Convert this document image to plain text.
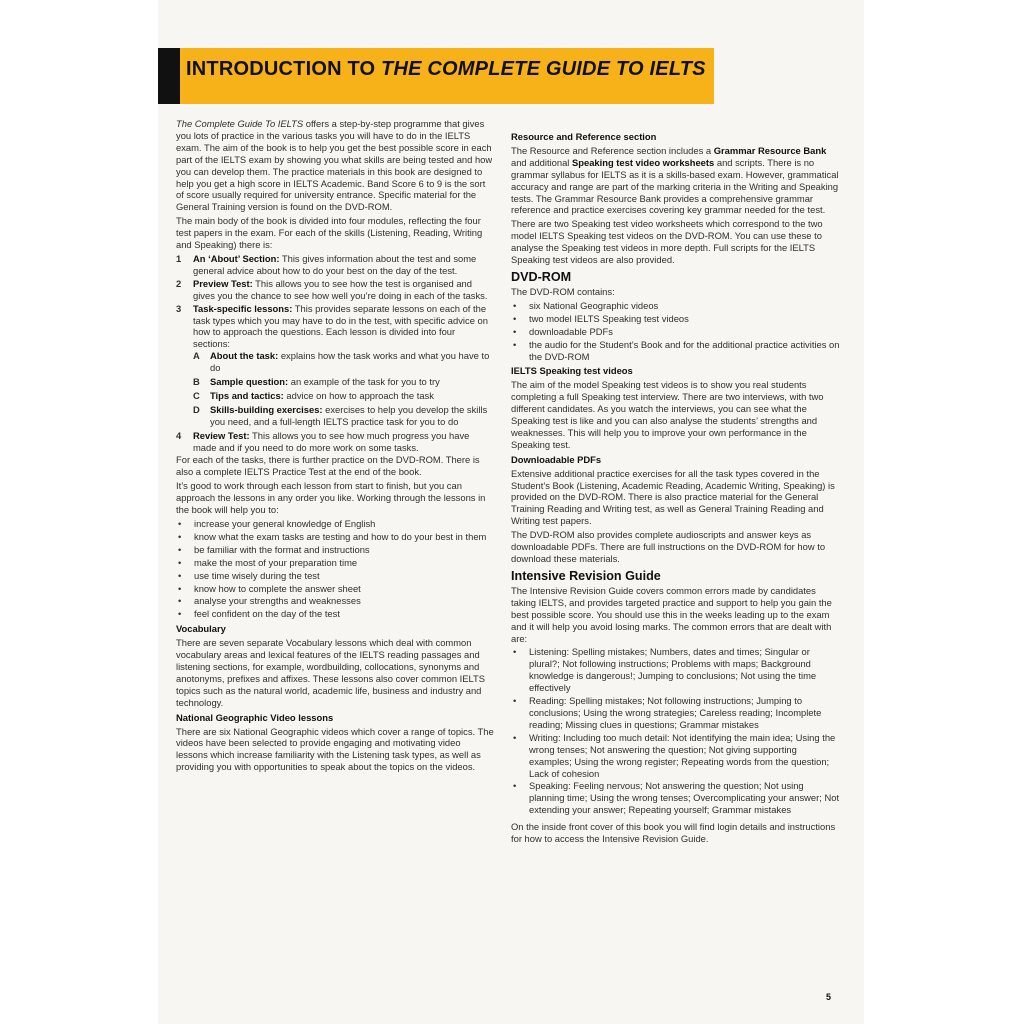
INTRODUCTION TO THE COMPLETE GUIDE TO IELTS

The Complete Guide To IELTS offers a step-by-step programme that gives you lots of practice in the various tasks you will have to do in the IELTS exam. The aim of the book is to help you get the best possible score in each part of the IELTS exam by showing you what skills are being tested and how you can develop them. The practice materials in this book are designed to help you get a high score in IELTS Academic. Band Score 6 to 9 is the sort of score usually required for university entrance. Specific material for the General Training version is found on the DVD-ROM.

The main body of the book is divided into four modules, reflecting the four test papers in the exam. For each of the skills (Listening, Reading, Writing and Speaking) there is:

1 An ‘About’ Section: This gives information about the test and some general advice about how to do your best on the day of the test.
2 Preview Test: This allows you to see how the test is organised and gives you the chance to see how well you’re doing in each of the tasks.
3 Task-specific lessons: This provides separate lessons on each of the task types which you may have to do in the test, with specific advice on how to approach the questions. Each lesson is divided into four sections:
A About the task: explains how the task works and what you have to do
B Sample question: an example of the task for you to try
C Tips and tactics: advice on how to approach the task
D Skills-building exercises: exercises to help you develop the skills you need, and a full-length IELTS practice task for you to do
4 Review Test: This allows you to see how much progress you have made and if you need to do more work on some tasks.

For each of the tasks, there is further practice on the DVD-ROM. There is also a complete IELTS Practice Test at the end of the book.

It’s good to work through each lesson from start to finish, but you can approach the lessons in any order you like. Working through the lessons in the book will help you to:

• increase your general knowledge of English
• know what the exam tasks are testing and how to do your best in them
• be familiar with the format and instructions
• make the most of your preparation time
• use time wisely during the test
• know how to complete the answer sheet
• analyse your strengths and weaknesses
• feel confident on the day of the test

Vocabulary

There are seven separate Vocabulary lessons which deal with common vocabulary areas and lexical features of the IELTS reading passages and listening sections, for example, wordbuilding, collocations, synonyms and anotonyms, prefixes and affixes. These lessons also cover common IELTS topics such as the natural world, academic life, business and industry and technology.

National Geographic Video lessons

There are six National Geographic videos which cover a range of topics. The videos have been selected to provide engaging and motivating video lessons which increase familiarity with the Listening task types, as well as providing you with opportunities to speak about the topics on the videos.

Resource and Reference section

The Resource and Reference section includes a Grammar Resource Bank and additional Speaking test video worksheets and scripts. There is no grammar syllabus for IELTS as it is a skills-based exam. However, grammatical accuracy and range are part of the marking criteria in the Writing and Speaking tests. The Grammar Resource Bank provides a comprehensive grammar reference and practice exercises covering key grammar needed for the test.

There are two Speaking test video worksheets which correspond to the two model IELTS Speaking test videos on the DVD-ROM. You can use these to analyse the Speaking test videos in more depth. Full scripts for the IELTS Speaking test videos are also provided.

DVD-ROM

The DVD-ROM contains:

• six National Geographic videos
• two model IELTS Speaking test videos
• downloadable PDFs
• the audio for the Student’s Book and for the additional practice activities on the DVD-ROM

IELTS Speaking test videos

The aim of the model Speaking test videos is to show you real students completing a full Speaking test interview. There are two interviews, with two different candidates. As you watch the interviews, you can see what the Speaking test is like and you can also analyse the students’ strengths and weaknesses. This will help you to improve your own performance in the Speaking test.

Downloadable PDFs

Extensive additional practice exercises for all the task types covered in the Student’s Book (Listening, Academic Reading, Academic Writing, Speaking) is provided on the DVD-ROM. There is also practice material for the General Training Reading and Writing test, as well as General Training Reading and Writing test papers.

The DVD-ROM also provides complete audioscripts and answer keys as downloadable PDFs. There are full instructions on the DVD-ROM for how to download these materials.

Intensive Revision Guide

The Intensive Revision Guide covers common errors made by candidates taking IELTS, and provides targeted practice and support to help you gain the best possible score. You should use this in the weeks leading up to the exam and it will help you avoid losing marks. The common errors that are dealt with are:

• Listening: Spelling mistakes; Numbers, dates and times; Singular or plural?; Not following instructions; Problems with maps; Background knowledge is dangerous!; Jumping to conclusions; Not using the time effectively
• Reading: Spelling mistakes; Not following instructions; Jumping to conclusions; Using the wrong strategies; Careless reading; Incomplete reading; Missing clues in questions; Grammar mistakes
• Writing: Including too much detail: Not identifying the main idea; Using the wrong tenses; Not answering the question; Not giving supporting examples; Using the wrong register; Repeating words from the question; Lack of cohesion
• Speaking: Feeling nervous; Not answering the question; Not using planning time; Using the wrong tenses; Overcomplicating your answer; Not extending your answer; Repeating yourself; Grammar mistakes

On the inside front cover of this book you will find login details and instructions for how to access the Intensive Revision Guide.

5
